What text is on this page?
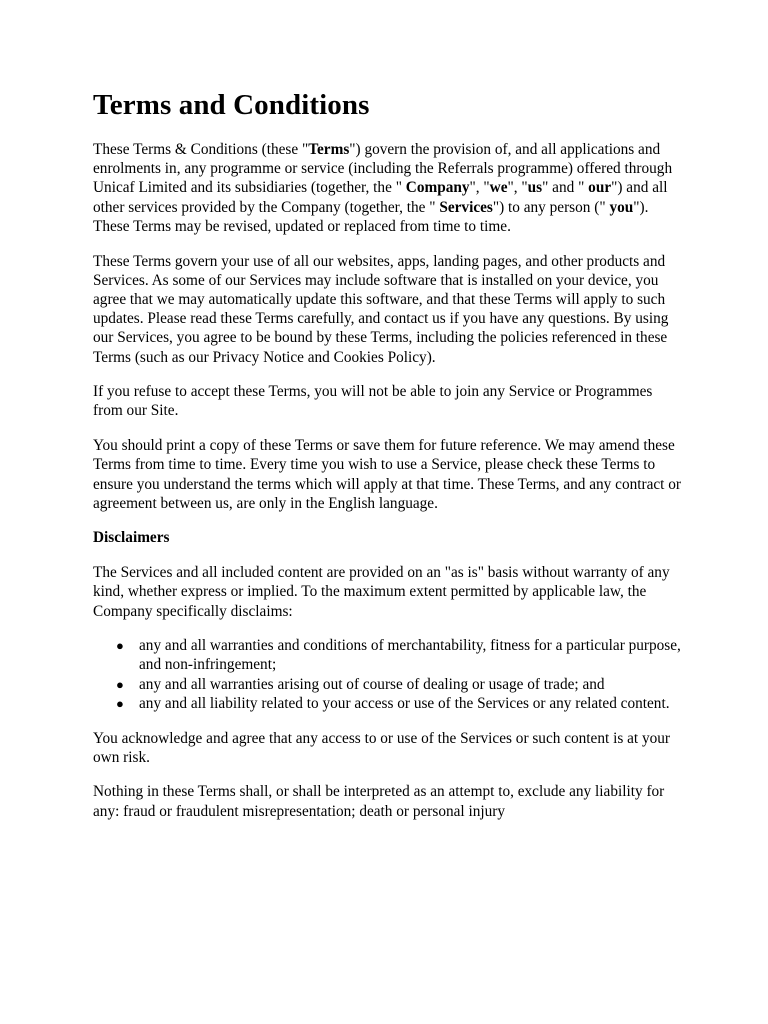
Terms and Conditions

These Terms & Conditions (these "Terms") govern the provision of, and all applications and enrolments in, any programme or service (including the Referrals programme) offered through Unicaf Limited and its subsidiaries (together, the " Company", "we", "us" and " our") and all other services provided by the Company (together, the " Services") to any person (" you"). These Terms may be revised, updated or replaced from time to time.

These Terms govern your use of all our websites, apps, landing pages, and other products and Services. As some of our Services may include software that is installed on your device, you agree that we may automatically update this software, and that these Terms will apply to such updates. Please read these Terms carefully, and contact us if you have any questions. By using our Services, you agree to be bound by these Terms, including the policies referenced in these Terms (such as our Privacy Notice and Cookies Policy).

If you refuse to accept these Terms, you will not be able to join any Service or Programmes from our Site.

You should print a copy of these Terms or save them for future reference. We may amend these Terms from time to time. Every time you wish to use a Service, please check these Terms to ensure you understand the terms which will apply at that time. These Terms, and any contract or agreement between us, are only in the English language.

Disclaimers

The Services and all included content are provided on an "as is" basis without warranty of any kind, whether express or implied. To the maximum extent permitted by applicable law, the Company specifically disclaims:

● any and all warranties and conditions of merchantability, fitness for a particular purpose, and non-infringement;
● any and all warranties arising out of course of dealing or usage of trade; and
● any and all liability related to your access or use of the Services or any related content.

You acknowledge and agree that any access to or use of the Services or such content is at your own risk.

Nothing in these Terms shall, or shall be interpreted as an attempt to, exclude any liability for any: fraud or fraudulent misrepresentation; death or personal injury
